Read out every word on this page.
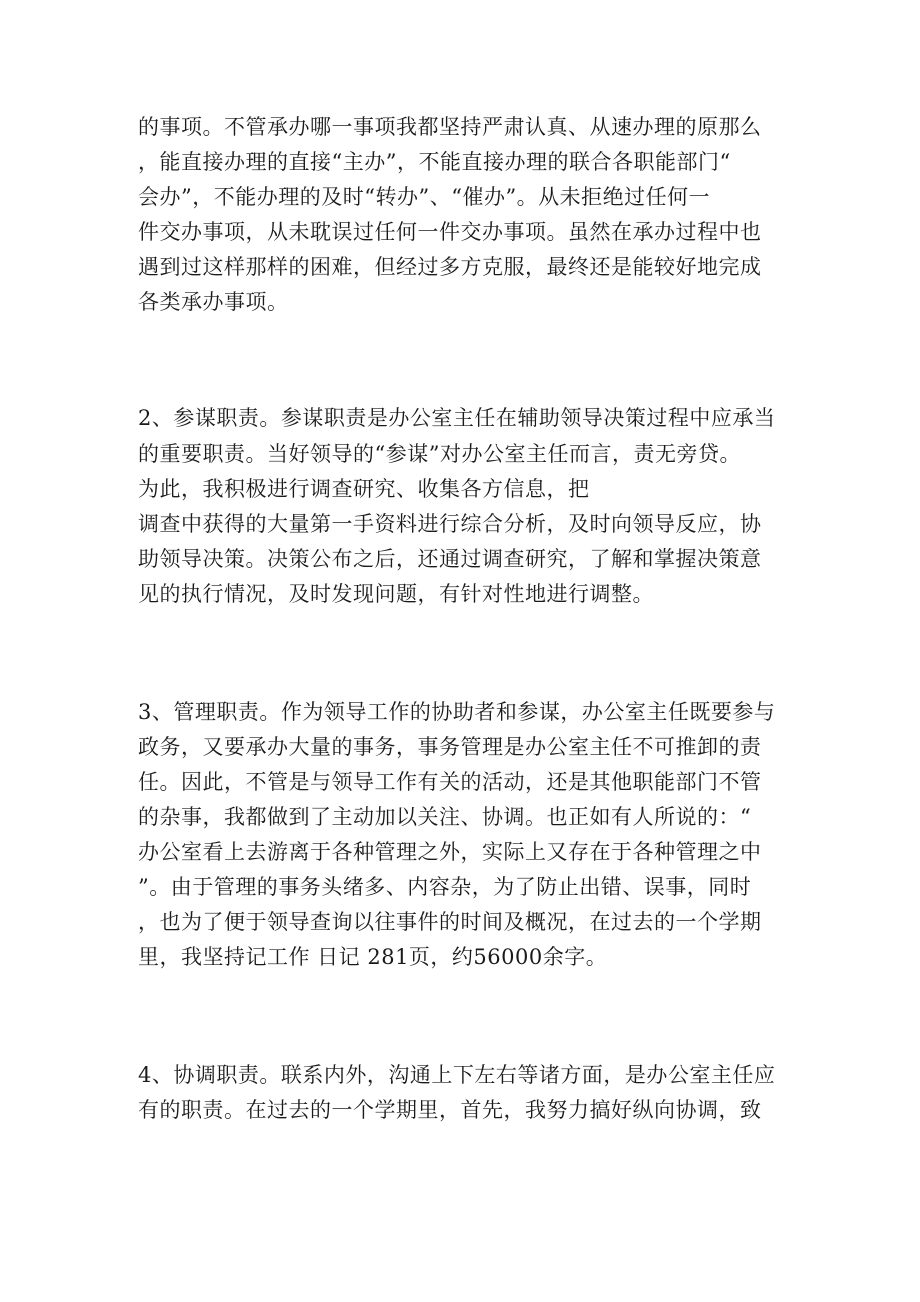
的事项。不管承办哪一事项我都坚持严肃认真、从速办理的原那么
，能直接办理的直接“主办”，不能直接办理的联合各职能部门“
会办”，不能办理的及时“转办”、“催办”。从未拒绝过任何一
件交办事项，从未耽误过任何一件交办事项。虽然在承办过程中也
遇到过这样那样的困难，但经过多方克服，最终还是能较好地完成
各类承办事项。
2、参谋职责。参谋职责是办公室主任在辅助领导决策过程中应承当
的重要职责。当好领导的“参谋”对办公室主任而言，责无旁贷。
为此，我积极进行调查研究、收集各方信息，把
调查中获得的大量第一手资料进行综合分析，及时向领导反应，协
助领导决策。决策公布之后，还通过调查研究，了解和掌握决策意
见的执行情况，及时发现问题，有针对性地进行调整。
3、管理职责。作为领导工作的协助者和参谋，办公室主任既要参与
政务，又要承办大量的事务，事务管理是办公室主任不可推卸的责
任。因此，不管是与领导工作有关的活动，还是其他职能部门不管
的杂事，我都做到了主动加以关注、协调。也正如有人所说的：“
办公室看上去游离于各种管理之外，实际上又存在于各种管理之中
”。由于管理的事务头绪多、内容杂，为了防止出错、误事，同时
，也为了便于领导查询以往事件的时间及概况，在过去的一个学期
里，我坚持记工作 日记 281页，约56000余字。
4、协调职责。联系内外，沟通上下左右等诸方面，是办公室主任应
有的职责。在过去的一个学期里，首先，我努力搞好纵向协调，致
